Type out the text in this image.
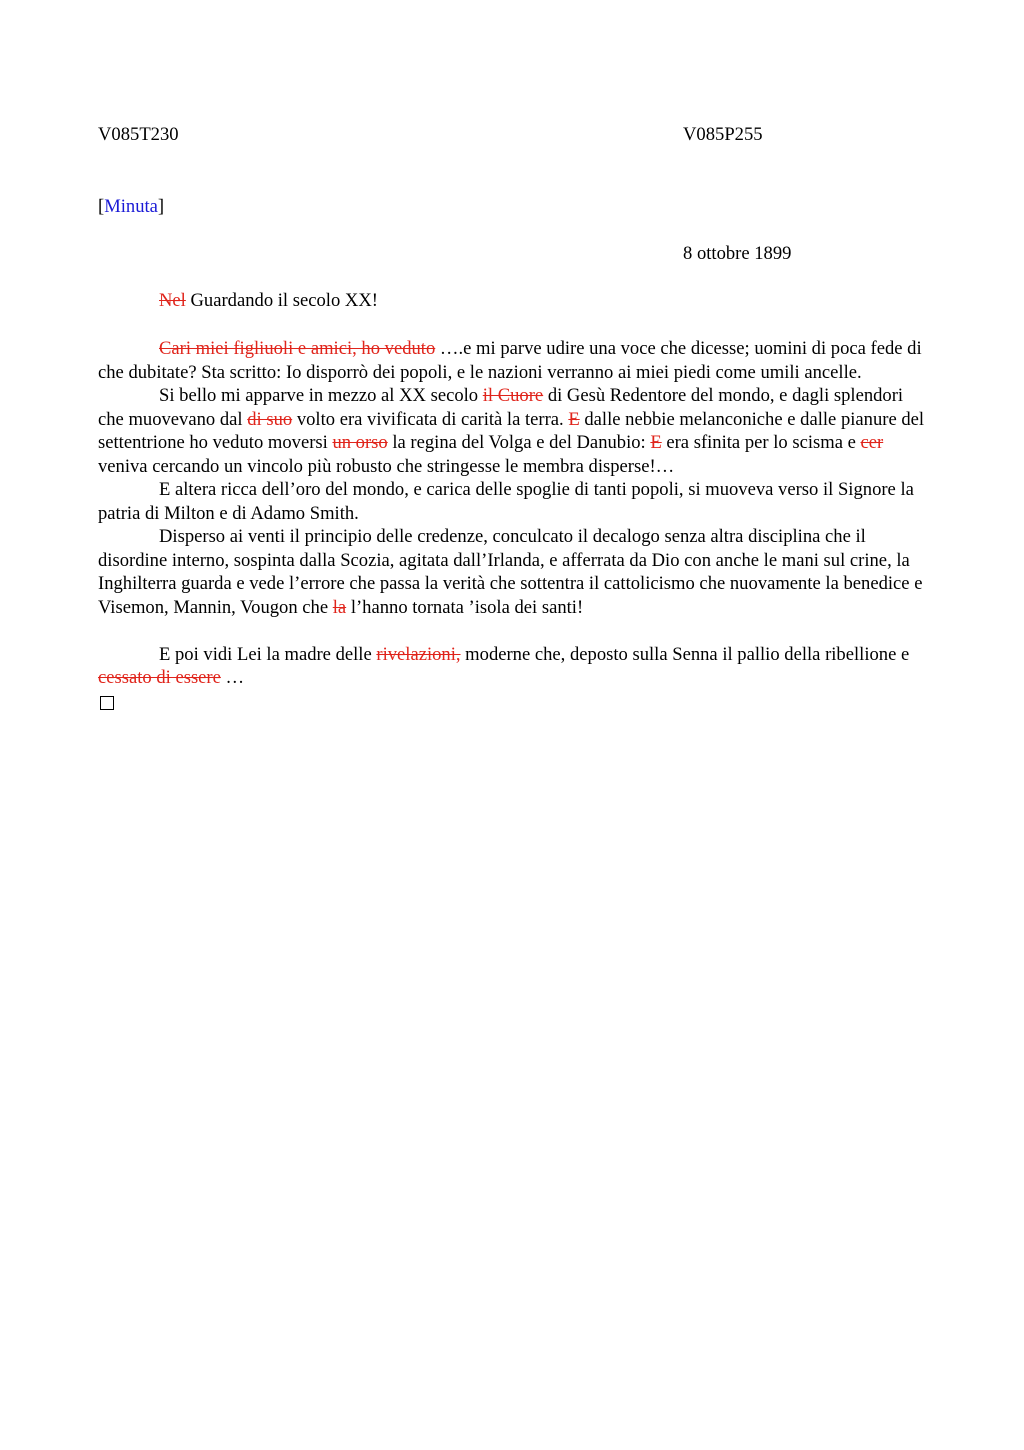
V085T230	V085P255
[Minuta]
8 ottobre 1899
Nel Guardando il secolo XX!

Cari miei figliuoli e amici, ho veduto ….e mi parve udire una voce che dicesse; uomini di poca fede di che dubitate? Sta scritto: Io disporrò dei popoli, e le nazioni verranno ai miei piedi come umili ancelle.

Si bello mi apparve in mezzo al XX secolo il Cuore di Gesù Redentore del mondo, e dagli splendori che muovevano dal di suo volto era vivificata di carità la terra. E dalle nebbie melanconiche e dalle pianure del settentrione ho veduto moversi un orso la regina del Volga e del Danubio: E era sfinita per lo scisma e cer veniva cercando un vincolo più robusto che stringesse le membra disperse!…

E altera ricca dell’oro del mondo, e carica delle spoglie di tanti popoli, si muoveva verso il Signore la patria di Milton e di Adamo Smith.

Disperso ai venti il principio delle credenze, conculcato il decalogo senza altra disciplina che il disordine interno, sospinta dalla Scozia, agitata dall’Irlanda, e afferrata da Dio con anche le mani sul crine, la Inghilterra guarda e vede l’errore che passa la verità che sottentra il cattolicismo che nuovamente la benedice e Visemon, Mannin, Vougon che la l’hanno tornata ’isola dei santi!

E poi vidi Lei la madre delle rivelazioni, moderne che, deposto sulla Senna il pallio della ribellione e cessato di essere …
